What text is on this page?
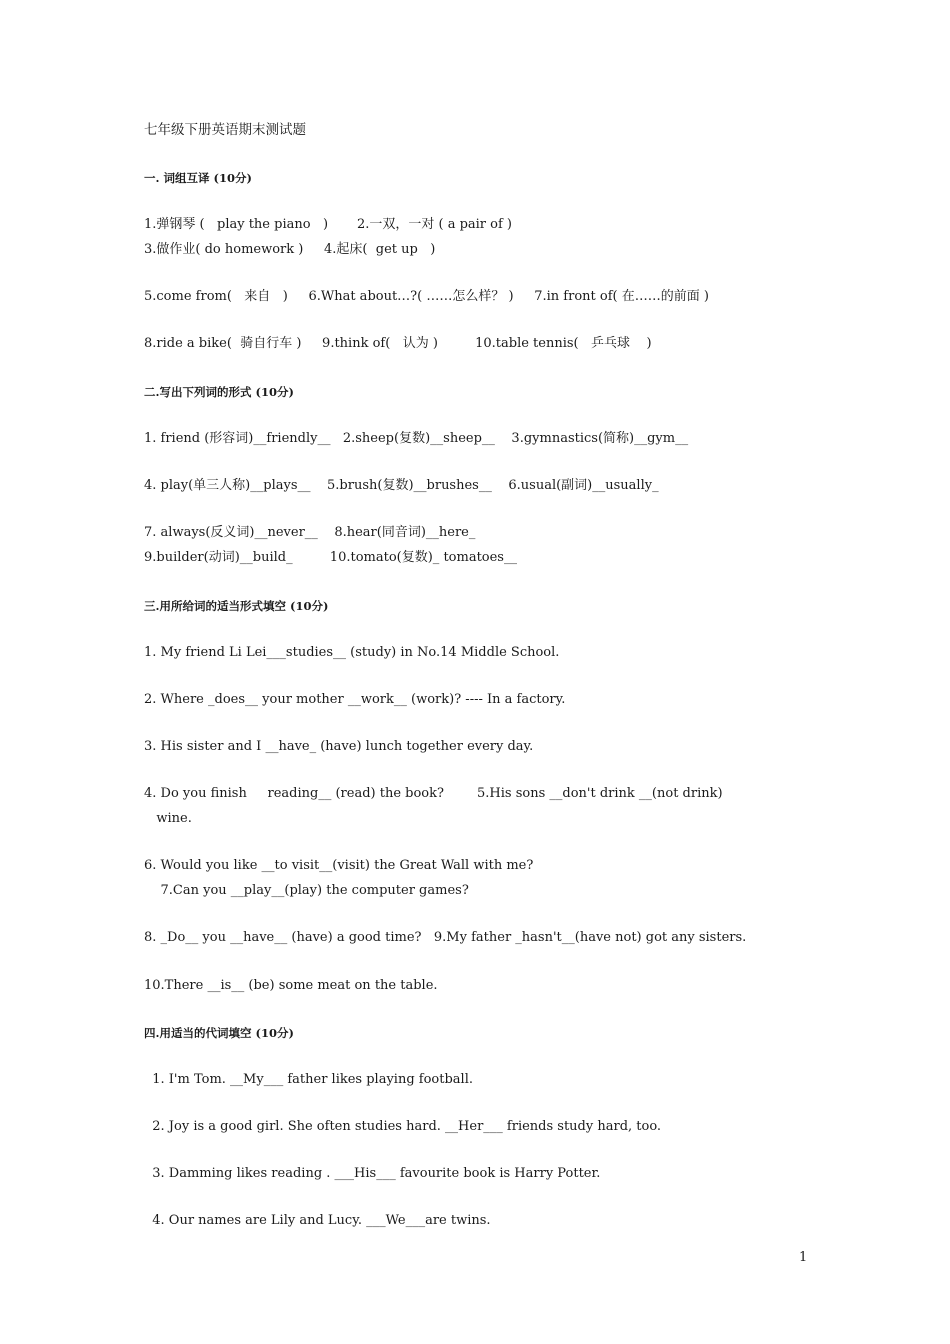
七年级下册英语期末测试题
一. 词组互译 (10分)
1.弹钢琴 (   play the piano   )       2.一双，一对 ( a pair of )
3.做作业( do homework )     4.起床(  get up   )
5.come from(   来自   )     6.What about…?( ……怎么样？ )     7.in front of( 在……的前面 )
8.ride a bike(  骑自行车 )     9.think of(   认为 )         10.table tennis(   乒乓球    )
二.写出下列词的形式 (10分)
1. friend (形容词)__friendly__   2.sheep(复数)__sheep__    3.gymnastics(简称)__gym__
4. play(单三人称)__plays__    5.brush(复数)__brushes__    6.usual(副词)__usually_
7. always(反义词)__never__    8.hear(同音词)__here_
9.builder(动词)__build_         10.tomato(复数)_ tomatoes__
三.用所给词的适当形式填空 (10分)
1. My friend Li Lei___studies__ (study) in No.14 Middle School.
2. Where _does__ your mother __work__ (work)? ---- In a factory.
3. His sister and I __have_ (have) lunch together every day.
4. Do you finish     reading__ (read) the book?        5.His sons __don't drink __(not drink)
wine.
6. Would you like __to visit__(visit) the Great Wall with me?
7.Can you __play__(play) the computer games?
8. _Do__ you __have__ (have) a good time?   9.My father _hasn't__(have not) got any sisters.
10.There __is__ (be) some meat on the table.
四.用适当的代词填空 (10分)
1. I'm Tom. __My___ father likes playing football.
2. Joy is a good girl. She often studies hard. __Her___ friends study hard, too.
3. Damming likes reading . ___His___ favourite book is Harry Potter.
4. Our names are Lily and Lucy. ___We___are twins.
1
